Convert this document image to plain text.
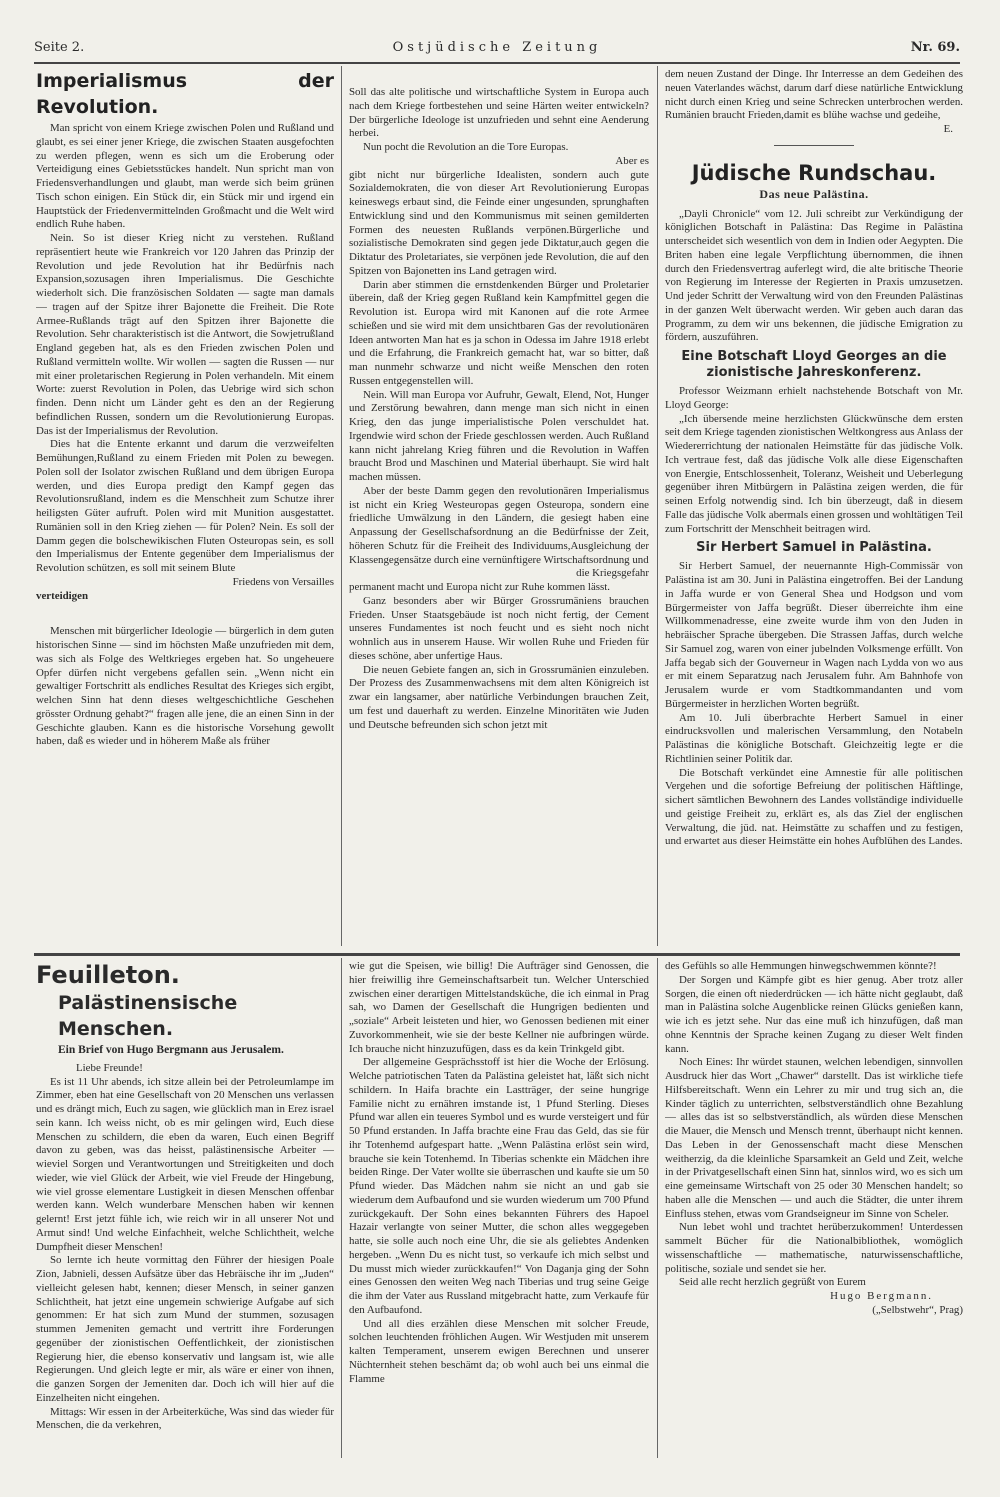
Seite 2.	Ostjüdische Zeitung	Nr. 69.
Imperialismus der Revolution.

Man spricht von einem Kriege zwischen Polen und Rußland und glaubt, es sei einer jener Kriege, die zwischen Staaten ausgefochten zu werden pflegen, wenn es sich um die Eroberung oder Verteidigung eines Gebietsstückes handelt. Nun spricht man von Friedensverhandlungen und glaubt, man werde sich beim grünen Tisch schon einigen. Ein Stück dir, ein Stück mir und irgend ein Hauptstück der Friedenvermittelnden Großmacht und die Welt wird endlich Ruhe haben.

Nein. So ist dieser Krieg nicht zu verstehen. Rußland repräsentiert heute wie Frankreich vor 120 Jahren das Prinzip der Revolution und jede Revolution hat ihr Bedürfnis nach Expansion,sozusagen ihren Imperialismus. Die Geschichte wiederholt sich. Die französischen Soldaten — sagte man damals — tragen auf der Spitze ihrer Bajonette die Freiheit. Die Rote Armee-Rußlands trägt auf den Spitzen ihrer Bajonette die Revolution. Sehr charakteristisch ist die Antwort, die Sowjetrußland England gegeben hat, als es den Frieden zwischen Polen und Rußland vermitteln wollte. Wir wollen — sagten die Russen — nur mit einer proletarischen Regierung in Polen verhandeln. Mit einem Worte: zuerst Revolution in Polen, das Uebrige wird sich schon finden. Denn nicht um Länder geht es den an der Regierung befindlichen Russen, sondern um die Revolutionierung Europas. Das ist der Imperialismus der Revolution.

Dies hat die Entente erkannt und darum die verzweifelten Bemühungen,Rußland zu einem Frieden mit Polen zu bewegen. Polen soll der Isolator zwischen Rußland und dem übrigen Europa werden, und dies Europa predigt den Kampf gegen das Revolutionsrußland, indem es die Menschheit zum Schutze ihrer heiligsten Güter aufruft. Polen wird mit Munition ausgestattet. Rumänien soll in den Krieg ziehen — für Polen? Nein. Es soll der Damm gegen die bolschewikischen Fluten Osteuropas sein, es soll den Imperialismus der Entente gegenüber dem Imperialismus der Revolution schützen, es soll mit seinem Blute

Friedens von Versailles

verteidigen

Menschen mit bürgerlicher Ideologie — bürgerlich in dem guten historischen Sinne — sind im höchsten Maße unzufrieden mit dem, was sich als Folge des Weltkrieges ergeben hat. So ungeheuere Opfer dürfen nicht vergebens gefallen sein. „Wenn nicht ein gewaltiger Fortschritt als endliches Resultat des Krieges sich ergibt, welchen Sinn hat denn dieses weltgeschichtliche Geschehen grösster Ordnung gehabt?“ fragen alle jene, die an einen Sinn in der Geschichte glauben. Kann es die historische Vorsehung gewollt haben, daß es wieder und in höherem Maße als früher

Soll das alte politische und wirtschaftliche System in Europa auch nach dem Kriege fortbestehen und seine Härten weiter entwickeln? Der bürgerliche Ideologe ist unzufrieden und sehnt eine Aenderung herbei.

Nun pocht die Revolution an die Tore Europas.

Aber es

gibt nicht nur bürgerliche Idealisten, sondern auch gute Sozialdemokraten, die von dieser Art Revolutionierung Europas keineswegs erbaut sind, die Feinde einer ungesunden, sprunghaften Entwicklung sind und den Kommunismus mit seinen gemilderten Formen des neuesten Rußlands verpönen.Bürgerliche und sozialistische Demokraten sind gegen jede Diktatur,auch gegen die Diktatur des Proletariates, sie verpönen jede Revolution, die auf den Spitzen von Bajonetten ins Land getragen wird.

Darin aber stimmen die ernstdenkenden Bürger und Proletarier überein, daß der Krieg gegen Rußland kein Kampfmittel gegen die Revolution ist. Europa wird mit Kanonen auf die rote Armee schießen und sie wird mit dem unsichtbaren Gas der revolutionären Ideen antworten Man hat es ja schon in Odessa im Jahre 1918 erlebt und die Erfahrung, die Frankreich gemacht hat, war so bitter, daß man nunmehr schwarze und nicht weiße Menschen den roten Russen entgegenstellen will.

Nein. Will man Europa vor Aufruhr, Gewalt, Elend, Not, Hunger und Zerstörung bewahren, dann menge man sich nicht in einen Krieg, den das junge imperialistische Polen verschuldet hat. Irgendwie wird schon der Friede geschlossen werden. Auch Rußland kann nicht jahrelang Krieg führen und die Revolution in Waffen braucht Brod und Maschinen und Material überhaupt. Sie wird halt machen müssen.

Aber der beste Damm gegen den revolutionären Imperialismus ist nicht ein Krieg Westeuropas gegen Osteuropa, sondern eine friedliche Umwälzung in den Ländern, die gesiegt haben eine Anpassung der Gesellschafsordnung an die Bedürfnisse der Zeit, höheren Schutz für die Freiheit des Individuums,Ausgleichung der Klassengegensätze durch eine vernünftigere Wirtschaftsordnung und

die Kriegsgefahr

permanent macht und Europa nicht zur Ruhe kommen lässt.

Ganz besonders aber wir Bürger Grossrumäniens brauchen Frieden. Unser Staatsgebäude ist noch nicht fertig, der Cement unseres Fundamentes ist noch feucht und es sieht noch nicht wohnlich aus in unserem Hause. Wir wollen Ruhe und Frieden für dieses schöne, aber unfertige Haus.

Die neuen Gebiete fangen an, sich in Grossrumänien einzuleben. Der Prozess des Zusammenwachsens mit dem alten Königreich ist zwar ein langsamer, aber natürliche Verbindungen brauchen Zeit, um fest und dauerhaft zu werden. Einzelne Minoritäten wie Juden und Deutsche befreunden sich schon jetzt mit

dem neuen Zustand der Dinge. Ihr Interresse an dem Gedeihen des neuen Vaterlandes wächst, darum darf diese natürliche Entwicklung nicht durch einen Krieg und seine Schrecken unterbrochen werden. Rumänien braucht Frieden,damit es blühe wachse und gedeihe,

E.

Jüdische Rundschau.
Das neue Palästina.

„Dayli Chronicle“ vom 12. Juli schreibt zur Verkündigung der königlichen Botschaft in Palästina: Das Regime in Palästina unterscheidet sich wesentlich von dem in Indien oder Aegypten. Die Briten haben eine legale Verpflichtung übernommen, die ihnen durch den Friedensvertrag auferlegt wird, die alte britische Theorie von Regierung im Interesse der Regierten in Praxis umzusetzen. Und jeder Schritt der Verwaltung wird von den Freunden Palästinas in der ganzen Welt überwacht werden. Wir geben auch daran das Programm, zu dem wir uns bekennen, die jüdische Emigration zu fördern, auszuführen.

Eine Botschaft Lloyd Georges an die zionistische Jahreskonferenz.

Professor Weizmann erhielt nachstehende Botschaft von Mr. Lloyd George:

„Ich übersende meine herzlichsten Glückwünsche dem ersten seit dem Kriege tagenden zionistischen Weltkongress aus Anlass der Wiedererrichtung der nationalen Heimstätte für das jüdische Volk. Ich vertraue fest, daß das jüdische Volk alle diese Eigenschaften von Energie, Entschlossenheit, Toleranz, Weisheit und Ueberlegung gegenüber ihren Mitbürgern in Palästina zeigen werden, die für seinen Erfolg notwendig sind. Ich bin überzeugt, daß in diesem Falle das jüdische Volk abermals einen grossen und wohltätigen Teil zum Fortschritt der Menschheit beitragen wird.

Sir Herbert Samuel in Palästina.

Sir Herbert Samuel, der neuernannte High-Commissär von Palästina ist am 30. Juni in Palästina eingetroffen. Bei der Landung in Jaffa wurde er von General Shea und Hodgson und vom Bürgermeister von Jaffa begrüßt. Dieser überreichte ihm eine Willkommenadresse, eine zweite wurde ihm von den Juden in hebräischer Sprache übergeben. Die Strassen Jaffas, durch welche Sir Samuel zog, waren von einer jubelnden Volksmenge erfüllt. Von Jaffa begab sich der Gouverneur in Wagen nach Lydda von wo aus er mit einem Separatzug nach Jerusalem fuhr. Am Bahnhofe von Jerusalem wurde er vom Stadtkommandanten und vom Bürgermeister in herzlichen Worten begrüßt.

Am 10. Juli überbrachte Herbert Samuel in einer eindrucksvollen und malerischen Versammlung, den Notabeln Palästinas die königliche Botschaft. Gleichzeitig legte er die Richtlinien seiner Politik dar.

Die Botschaft verkündet eine Amnestie für alle politischen Vergehen und die sofortige Befreiung der politischen Häftlinge, sichert sämtlichen Bewohnern des Landes vollständige individuelle und geistige Freiheit zu, erklärt es, als das Ziel der englischen Verwaltung, die jüd. nat. Heimstätte zu schaffen und zu festigen, und erwartet aus dieser Heimstätte ein hohes Aufblühen des Landes.

Feuilleton.
Palästinensische Menschen.
Ein Brief von Hugo Bergmann aus Jerusalem.

Liebe Freunde!

Es ist 11 Uhr abends, ich sitze allein bei der Petroleumlampe im Zimmer, eben hat eine Gesellschaft von 20 Menschen uns verlassen und es drängt mich, Euch zu sagen, wie glücklich man in Erez israel sein kann. Ich weiss nicht, ob es mir gelingen wird, Euch diese Menschen zu schildern, die eben da waren, Euch einen Begriff davon zu geben, was das heisst, palästinensische Arbeiter — wieviel Sorgen und Verantwortungen und Streitigkeiten und doch wieder, wie viel Glück der Arbeit, wie viel Freude der Hingebung, wie viel grosse elementare Lustigkeit in diesen Menschen offenbar werden kann. Welch wunderbare Menschen haben wir kennen gelernt! Erst jetzt fühle ich, wie reich wir in all unserer Not und Armut sind! Und welche Einfachheit, welche Schlichtheit, welche Dumpfheit dieser Menschen!

So lernte ich heute vormittag den Führer der hiesigen Poale Zion, Jabnieli, dessen Aufsätze über das Hebräische ihr im „Juden“ vielleicht gelesen habt, kennen; dieser Mensch, in seiner ganzen Schlichtheit, hat jetzt eine ungemein schwierige Aufgabe auf sich genommen: Er hat sich zum Mund der stummen, sozusagen stummen Jemeniten gemacht und vertritt ihre Forderungen gegenüber der zionistischen Oeffentlichkeit, der zionistischen Regierung hier, die ebenso konservativ und langsam ist, wie alle Regierungen. Und gleich legte er mir, als wäre er einer von ihnen, die ganzen Sorgen der Jemeniten dar. Doch ich will hier auf die Einzelheiten nicht eingehen.

Mittags: Wir essen in der Arbeiterküche, Was sind das wieder für Menschen, die da verkehren,

wie gut die Speisen, wie billig! Die Aufträger sind Genossen, die hier freiwillig ihre Gemeinschaftsarbeit tun. Welcher Unterschied zwischen einer derartigen Mittelstandsküche, die ich einmal in Prag sah, wo Damen der Gesellschaft die Hungrigen bedienten und „soziale“ Arbeit leisteten und hier, wo Genossen bedienen mit einer Zuvorkommenheit, wie sie der beste Kellner nie aufbringen würde. Ich brauche nicht hinzuzufügen, dass es da kein Trinkgeld gibt.

Der allgemeine Gesprächsstoff ist hier die Woche der Erlösung. Welche patriotischen Taten da Palästina geleistet hat, läßt sich nicht schildern. In Haifa brachte ein Lastträger, der seine hungrige Familie nicht zu ernähren imstande ist, 1 Pfund Sterling. Dieses Pfund war allen ein teueres Symbol und es wurde versteigert und für 50 Pfund erstanden. In Jaffa brachte eine Frau das Geld, das sie für ihr Totenhemd aufgespart hatte. „Wenn Palästina erlöst sein wird, brauche sie kein Totenhemd. In Tiberias schenkte ein Mädchen ihre beiden Ringe. Der Vater wollte sie überraschen und kaufte sie um 50 Pfund wieder. Das Mädchen nahm sie nicht an und gab sie wiederum dem Aufbaufond und sie wurden wiederum um 700 Pfund zurückgekauft. Der Sohn eines bekannten Führers des Hapoel Hazair verlangte von seiner Mutter, die schon alles weggegeben hatte, sie solle auch noch eine Uhr, die sie als geliebtes Andenken hergeben. „Wenn Du es nicht tust, so verkaufe ich mich selbst und Du musst mich wieder zurückkaufen!“ Von Daganja ging der Sohn eines Genossen den weiten Weg nach Tiberias und trug seine Geige die ihm der Vater aus Russland mitgebracht hatte, zum Verkaufe für den Aufbaufond.

Und all dies erzählen diese Menschen mit solcher Freude, solchen leuchtenden fröhlichen Augen. Wir Westjuden mit unserem kalten Temperament, unserem ewigen Berechnen und unserer Nüchternheit stehen beschämt da; ob wohl auch bei uns einmal die Flamme

des Gefühls so alle Hemmungen hinwegschwemmen könnte?!

Der Sorgen und Kämpfe gibt es hier genug. Aber trotz aller Sorgen, die einen oft niederdrücken — ich hätte nicht geglaubt, daß man in Palästina solche Augenblicke reinen Glücks genießen kann, wie ich es jetzt sehe. Nur das eine muß ich hinzufügen, daß man ohne Kenntnis der Sprache keinen Zugang zu dieser Welt finden kann.

Noch Eines: Ihr würdet staunen, welchen lebendigen, sinnvollen Ausdruck hier das Wort „Chawer“ darstellt. Das ist wirkliche tiefe Hilfsbereitschaft. Wenn ein Lehrer zu mir und trug sich an, die Kinder täglich zu unterrichten, selbstverständlich ohne Bezahlung — alles das ist so selbstverständlich, als würden diese Menschen die Mauer, die Mensch und Mensch trennt, überhaupt nicht kennen. Das Leben in der Genossenschaft macht diese Menschen weitherzig, da die kleinliche Sparsamkeit an Geld und Zeit, welche in der Privatgesellschaft einen Sinn hat, sinnlos wird, wo es sich um eine gemeinsame Wirtschaft von 25 oder 30 Menschen handelt; so haben alle die Menschen — und auch die Städter, die unter ihrem Einfluss stehen, etwas vom Grandseigneur im Sinne von Scheler.

Nun lebet wohl und trachtet herüberzukommen! Unterdessen sammelt Bücher für die Nationalbibliothek, womöglich wissenschaftliche — mathematische, naturwissenschaftliche, politische, soziale und sendet sie her.

Seid alle recht herzlich gegrüßt von Eurem

Hugo Bergmann.

(„Selbstwehr“, Prag)
